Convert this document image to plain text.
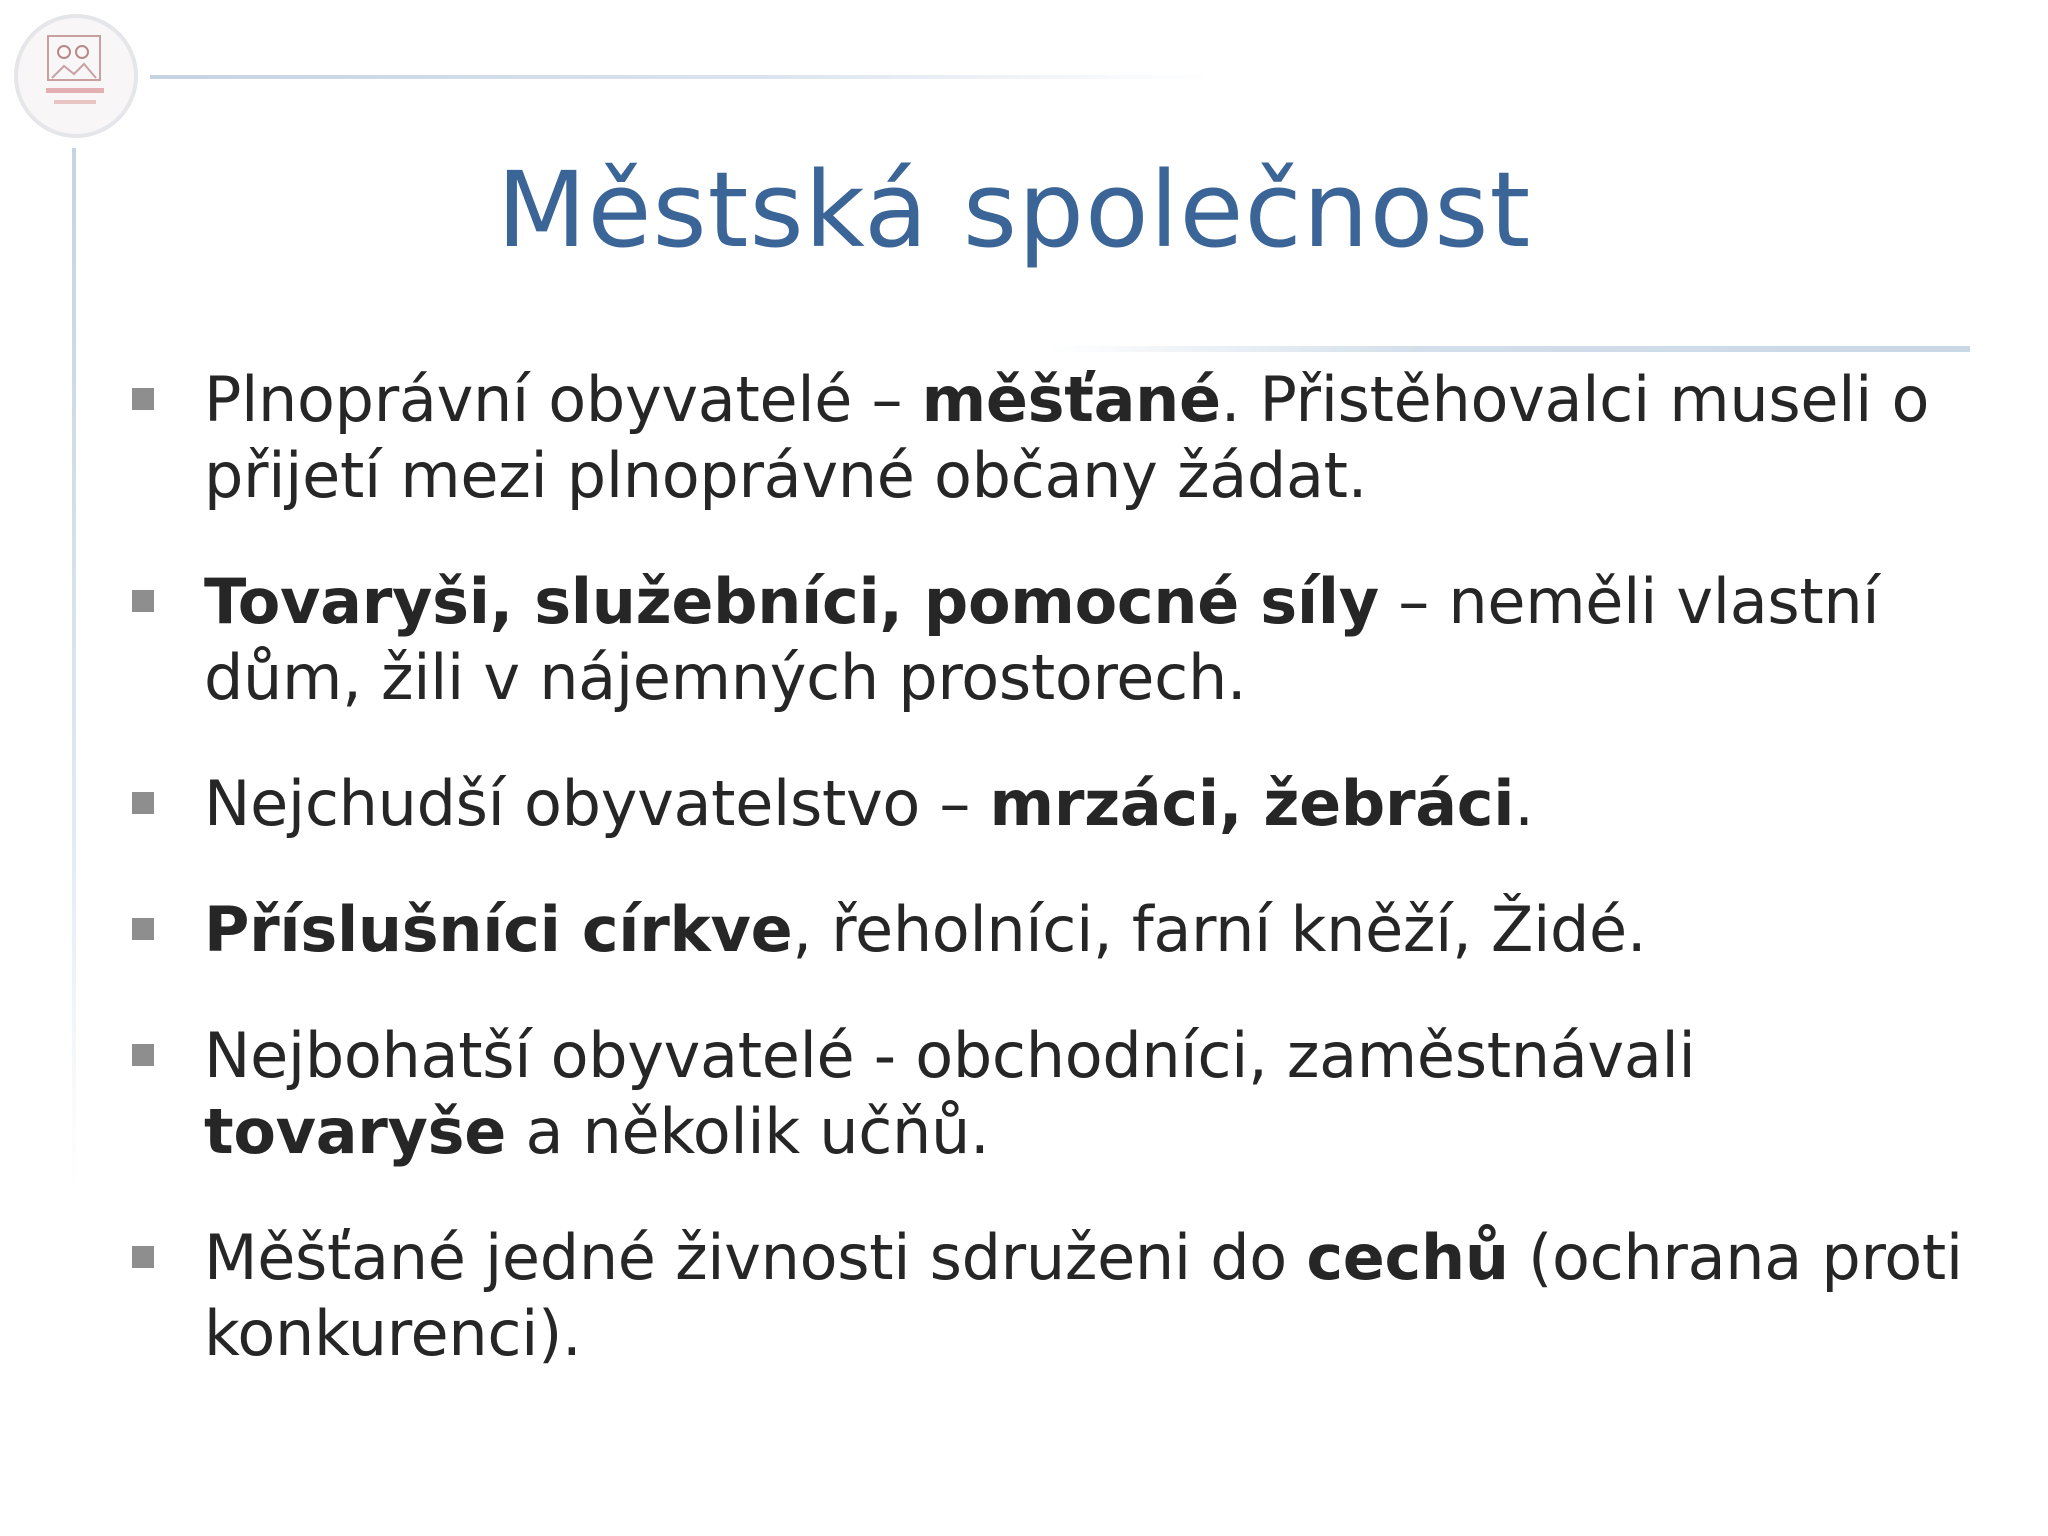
Městská společnost
Plnoprávní obyvatelé – měšťané. Přistěhovalci museli o přijetí mezi plnoprávné občany žádat.
Tovaryši, služebníci, pomocné síly – neměli vlastní dům, žili v nájemných prostorech.
Nejchudší obyvatelstvo – mrzáci, žebráci.
Příslušníci církve, řeholníci, farní kněží, Židé.
Nejbohatší obyvatelé - obchodníci, zaměstnávali tovaryše a několik učňů.
Měšťané jedné živnosti sdruženi do cechů (ochrana proti konkurenci).
